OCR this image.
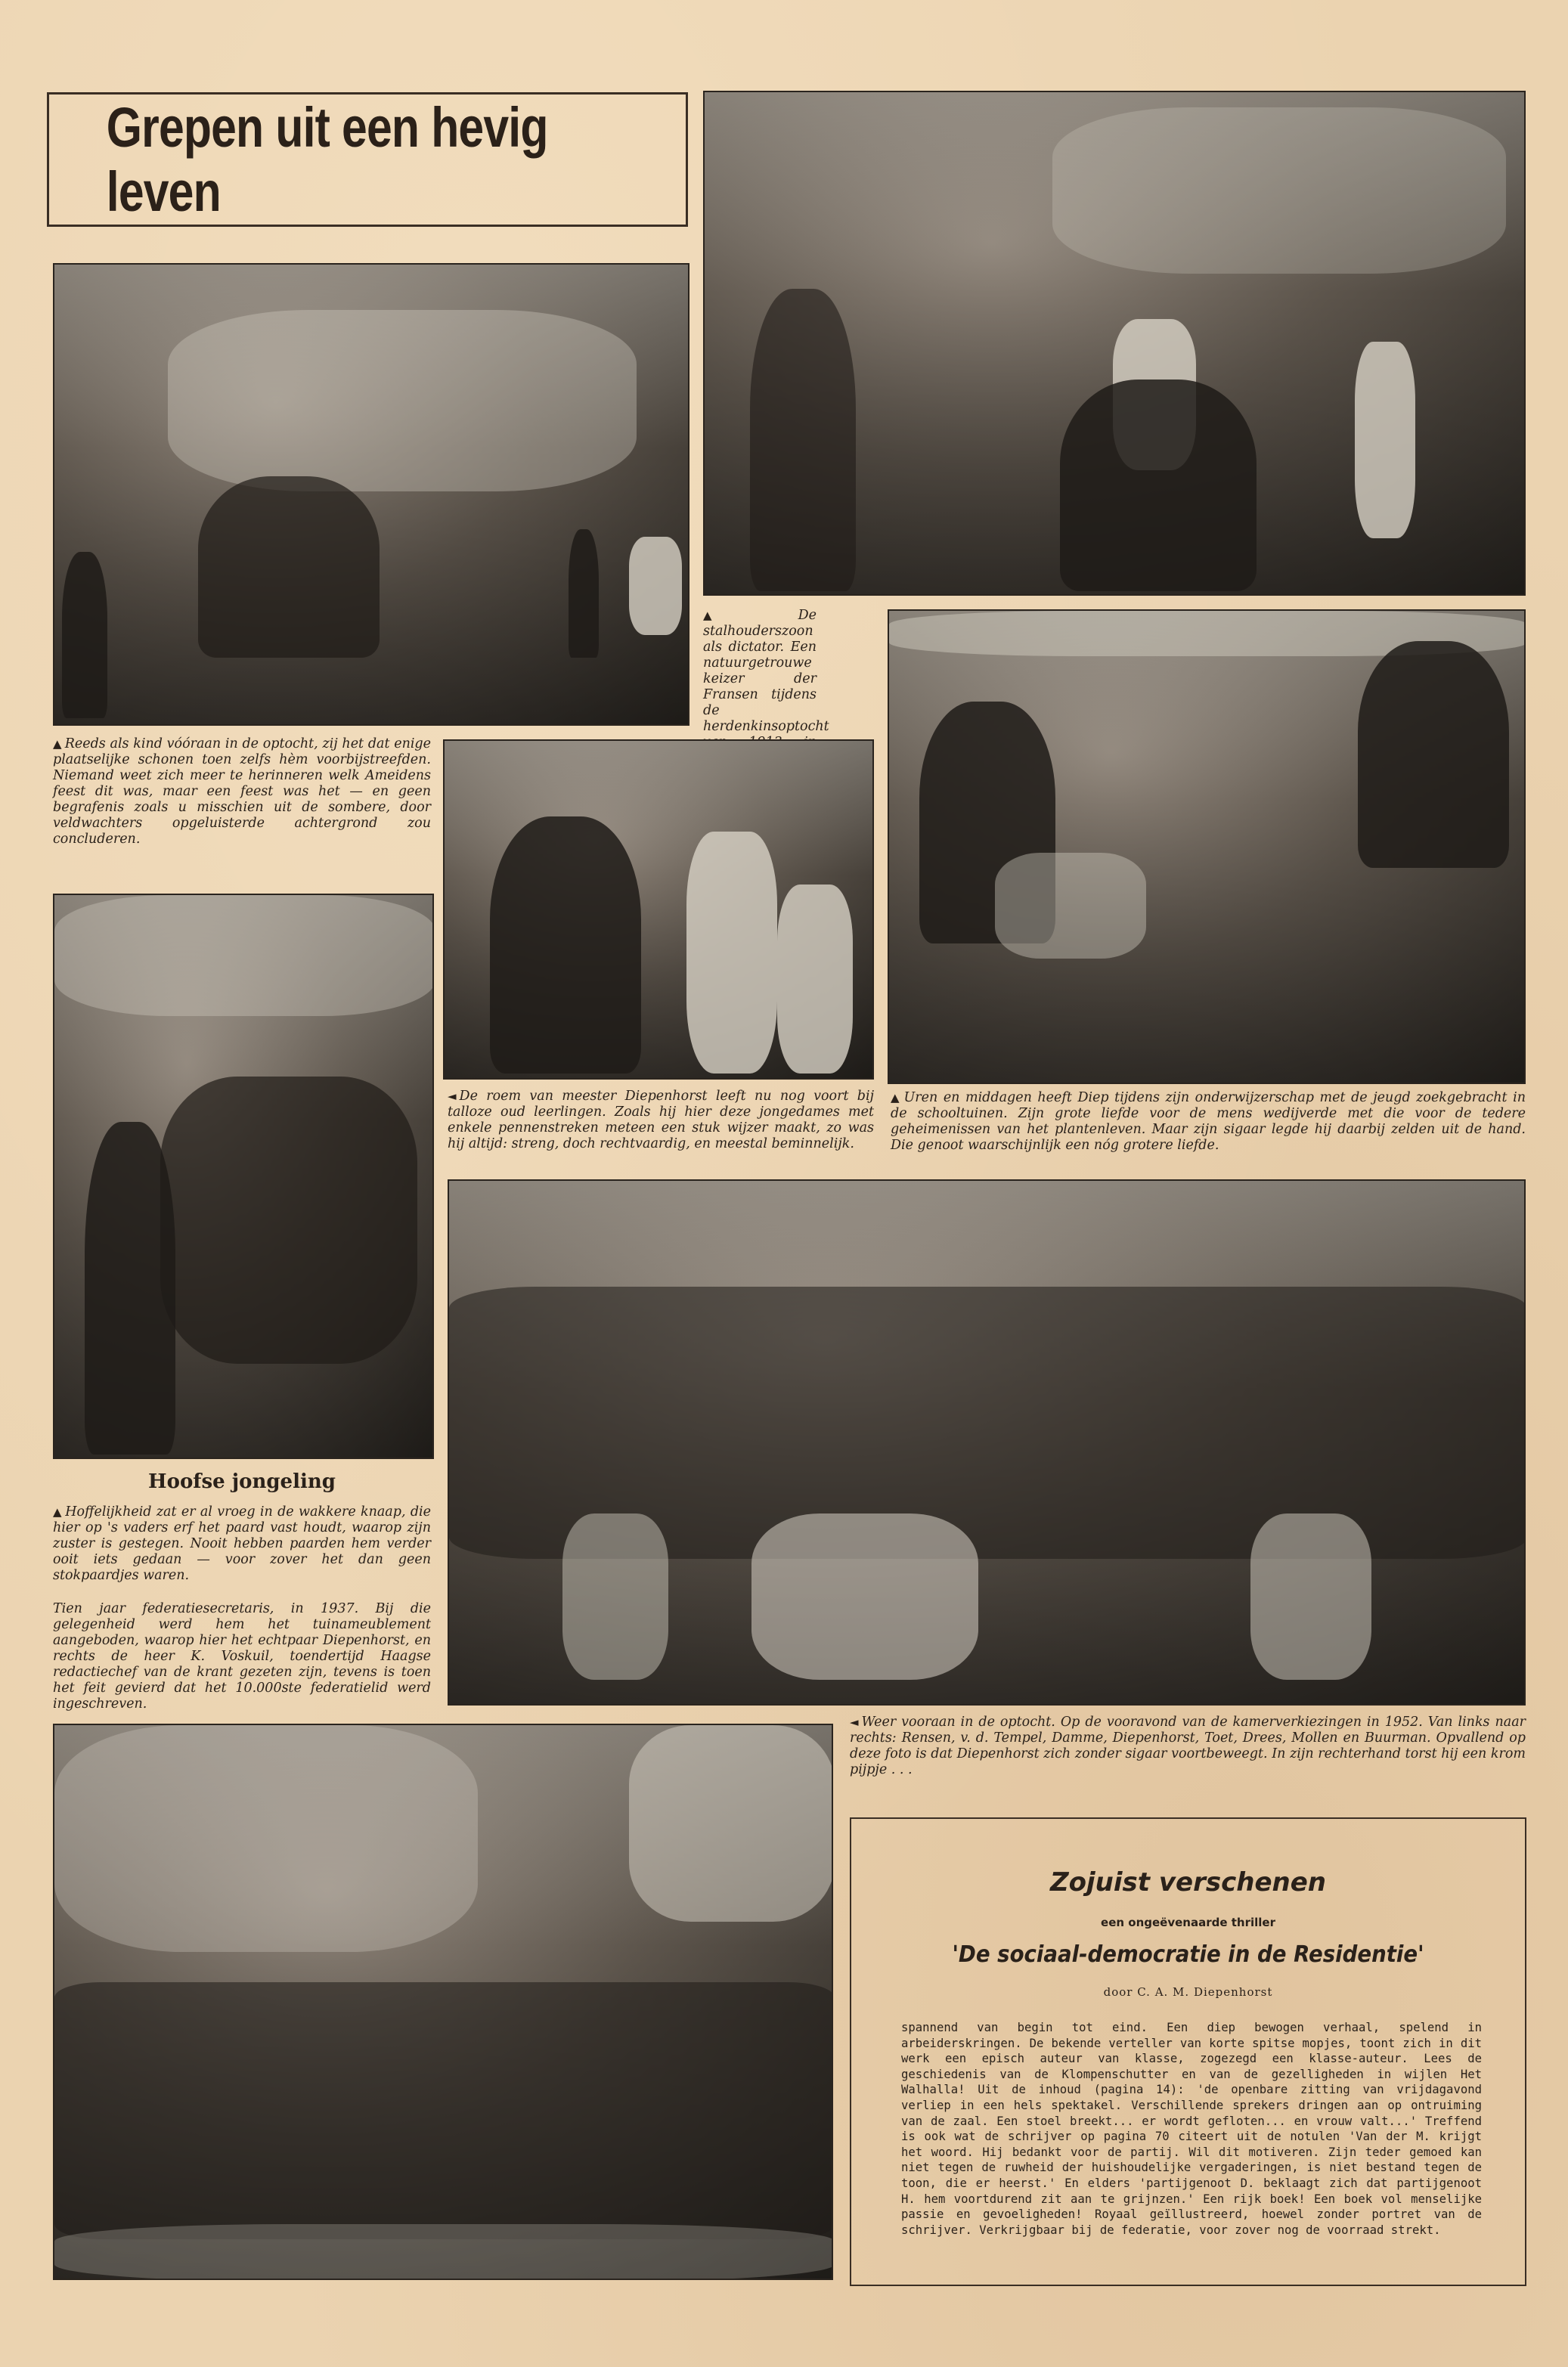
Grepen uit een hevig leven

▲ De stalhouderszoon als dictator. Een natuurgetrouwe keizer der Fransen tijdens de herdenkinsoptocht

▲ Reeds als kind vóóraan in de optocht, zij het dat enige plaatselijke schonen toen zelfs hèm voorbijstreefden. Niemand weet zich meer te herinneren welk Ameidens feest dit was, maar een feest was het — en geen begrafenis zoals u misschien uit de sombere, door veldwachters opgeluisterde achtergrond zou concluderen.

◄ De roem van meester Diepenhorst leeft nu nog voort bij talloze oud leerlingen. Zoals hij hier deze jongedames met enkele pennenstreken meteen een stuk wijzer maakt, zo was hij altijd: streng, doch rechtvaardig, en meestal beminnelijk.

▲ Uren en middagen heeft Diep tijdens zijn onderwijzerschap met de jeugd zoekgebracht in de schooltuinen. Zijn grote liefde voor de mens wedijverde met die voor de tedere geheimenissen van het plantenleven. Maar zijn sigaar legde hij daarbij zelden uit de hand. Die genoot waarschijnlijk een nóg grotere liefde.

Hoofse jongeling

▲ Hoffelijkheid zat er al vroeg in de wakkere knaap, die hier op 's vaders erf het paard vast houdt, waarop zijn zuster is gestegen. Nooit hebben paarden hem verder ooit iets gedaan — voor zover het dan geen stokpaardjes waren.

Tien jaar federatiesecretaris, in 1937. Bij die gelegenheid werd hem het tuinameublement aangeboden, waarop hier het echtpaar Diepenhorst, en rechts de heer K. Voskuil, toendertijd Haagse redactiechef van de krant gezeten zijn, tevens is toen het feit gevierd dat het 10.000ste federatielid werd ingeschreven.

◄ Weer vooraan in de optocht. Op de vooravond van de kamerverkiezingen in 1952. Van links naar rechts: Rensen, v. d. Tempel, Damme, Diepenhorst, Toet, Drees, Mollen en Buurman. Opvallend op deze foto is dat Diepenhorst zich zonder sigaar voortbeweegt. In zijn rechterhand torst hij een krom pijpje . . .

Zojuist verschenen

een ongeëvenaarde thriller

'De sociaal-democratie in de Residentie'

door C. A. M. Diepenhorst

spannend van begin tot eind. Een diep bewogen verhaal, spelend in arbeiderskringen. De bekende verteller van korte spitse mopjes, toont zich in dit werk een episch auteur van klasse, zogezegd een klasse-auteur. Lees de geschiedenis van de Klompenschutter en van de gezelligheden in wijlen Het Walhalla! Uit de inhoud (pagina 14): 'de openbare zitting van vrijdagavond verliep in een hels spektakel. Verschillende sprekers dringen aan op ontruiming van de zaal. Een stoel breekt... er wordt gefloten... en vrouw valt...' Treffend is ook wat de schrijver op pagina 70 citeert uit de notulen 'Van der M. krijgt het woord. Hij bedankt voor de partij. Wil dit motiveren. Zijn teder gemoed kan niet tegen de ruwheid der huishoudelijke vergaderingen, is niet bestand tegen de toon, die er heerst.' En elders 'partijgenoot D. beklaagt zich dat partijgenoot H. hem voortdurend zit aan te grijnzen.' Een rijk boek! Een boek vol menselijke passie en gevoeligheden! Royaal geïllustreerd, hoewel zonder portret van de schrijver. Verkrijgbaar bij de federatie, voor zover nog de voorraad strekt.
